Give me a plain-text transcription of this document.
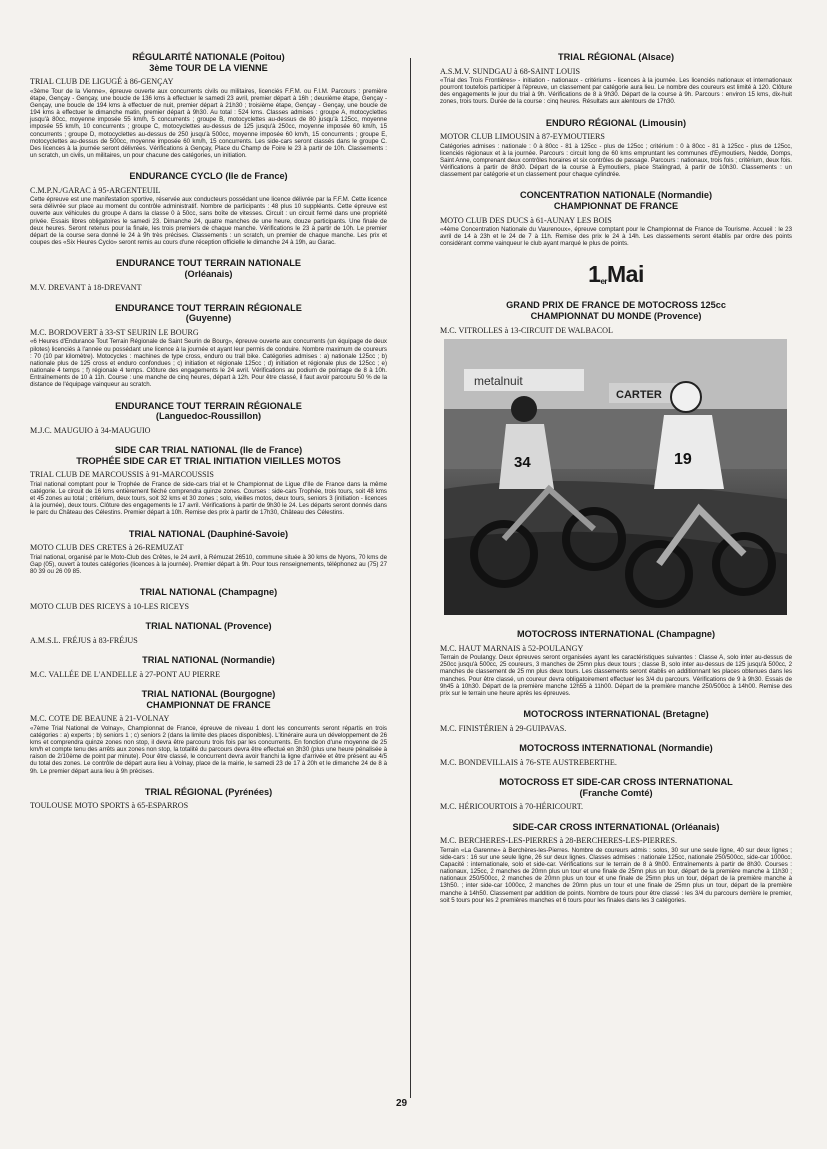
RÉGULARITÉ NATIONALE (Poitou)

3ème TOUR DE LA VIENNE

TRIAL CLUB DE LIGUGÉ à 86-GENÇAY

«3ème Tour de la Vienne», épreuve ouverte aux concurrents civils ou militaires, licenciés F.F.M. ou F.I.M. Parcours : première étape, Gençay - Gençay, une boucle de 136 kms à effectuer le samedi 23 avril, premier départ à 16h ; deuxième étape, Gençay - Gençay, une boucle de 194 kms à effectuer de nuit, premier départ à 21h30 ; troisième étape, Gençay - Gençay, une boucle de 194 kms à effectuer le dimanche matin, premier départ à 9h30. Au total : 524 kms. Classes admises : groupe A, motocyclettes jusqu'à 80cc, moyenne imposée 55 km/h, 5 concurrents ; groupe B, motocyclettes au-dessus de 80 jusqu'à 125cc, moyenne imposée 55 km/h, 10 concurrents ; groupe C, motocyclettes au-dessus de 125 jusqu'à 250cc, moyenne imposée 60 km/h, 15 concurrents ; groupe D, motocyclettes au-dessus de 250 jusqu'à 500cc, moyenne imposée 60 km/h, 15 concurrents ; groupe E, motocyclettes au-dessus de 500cc, moyenne imposée 60 km/h, 15 concurrents. Les side-cars seront classés dans le groupe C. Des licences à la journée seront délivrées. Vérifications à Gençay, Place du Champ de Foire le 23 à partir de 10h. Classements : un scratch, un civils, un militaires, un pour chacune des catégories, un initiation.

ENDURANCE CYCLO (Ile de France)

C.M.P.N./GARAC à 95-ARGENTEUIL

Cette épreuve est une manifestation sportive, réservée aux conducteurs possédant une licence délivrée par la F.F.M. Cette licence sera délivrée sur place au moment du contrôle administratif. Nombre de participants : 48 plus 10 suppléants. Cette épreuve est ouverte aux véhicules du groupe A dans la classe 0 à 50cc, sans boîte de vitesses. Circuit : un circuit fermé dans une propriété privée. Essais libres obligatoires le samedi 23. Dimanche 24, quatre manches de une heure, douze participants. Une finale de deux heures. Seront retenus pour la finale, les trois premiers de chaque manche. Vérifications le 23 à partir de 10h. Le premier départ de la course sera donné le 24 à 9h très précises. Classements : un scratch, un premier de chaque manche. Les prix et coupes des «Six Heures Cyclo» seront remis au cours d'une réception officielle le dimanche 24 à 19h, au Garac.

ENDURANCE TOUT TERRAIN NATIONALE

(Orléanais)

M.V. DREVANT à 18-DREVANT

ENDURANCE TOUT TERRAIN RÉGIONALE

(Guyenne)

M.C. BORDOVERT à 33-ST SEURIN LE BOURG

«6 Heures d'Endurance Tout Terrain Régionale de Saint Seurin de Bourg», épreuve ouverte aux concurrents (un équipage de deux pilotes) licenciés à l'année ou possédant une licence à la journée et ayant leur permis de conduire. Nombre maximum de coureurs : 70 (10 par kilomètre). Motocycles : machines de type cross, enduro ou trail bike. Catégories admises : a) nationale 125cc ; b) nationale plus de 125 cross et enduro confondues ; c) initiation et régionale 125cc ; d) initiation et régionale plus de 125cc ; e) nationale 4 temps ; f) régionale 4 temps. Clôture des engagements le 24 avril. Vérifications au podium de pointage de 8 à 10h. Entraînements de 10 à 11h. Course : une manche de cinq heures, départ à 12h. Pour être classé, il faut avoir parcouru 50 % de la distance de l'équipage vainqueur au scratch.

ENDURANCE TOUT TERRAIN RÉGIONALE

(Languedoc-Roussillon)

M.J.C. MAUGUIO à 34-MAUGUIO

SIDE CAR TRIAL NATIONAL (Ile de France)

TROPHÉE SIDE CAR ET TRIAL INITIATION VIEILLES MOTOS

TRIAL CLUB DE MARCOUSSIS à 91-MARCOUSSIS

Trial national comptant pour le Trophée de France de side-cars trial et le Championnat de Ligue d'Ile de France dans la même catégorie. Le circuit de 16 kms entièrement fléché comprendra quinze zones. Courses : side-cars Trophée, trois tours, soit 48 kms et 45 zones au total ; critérium, deux tours, soit 32 kms et 30 zones ; solo, vieilles motos, deux tours, seniors 3 (initiation - licences à la journée), deux tours. Clôture des engagements le 17 avril. Vérifications à partir de 9h30 le 24. Les départs seront donnés dans le parc du Château des Célestins. Premier départ à 10h. Remise des prix à partir de 17h30, Château des Célestins.

TRIAL NATIONAL (Dauphiné-Savoie)

MOTO CLUB DES CRETES à 26-REMUZAT

Trial national, organisé par le Moto-Club des Crêtes, le 24 avril, à Rémuzat 26510, commune située à 30 kms de Nyons, 70 kms de Gap (05), ouvert à toutes catégories (licences à la journée). Premier départ à 9h. Pour tous renseignements, téléphonez au (75) 27 80 39 ou 26 09 85.

TRIAL NATIONAL (Champagne)

MOTO CLUB DES RICEYS à 10-LES RICEYS

TRIAL NATIONAL (Provence)

A.M.S.L. FRÉJUS à 83-FRÉJUS

TRIAL NATIONAL (Normandie)

M.C. VALLÉE DE L'ANDELLE à 27-PONT AU PIERRE

TRIAL NATIONAL (Bourgogne)

CHAMPIONNAT DE FRANCE

M.C. COTE DE BEAUNE à 21-VOLNAY

«7ème Trial National de Volnay», Championnat de France, épreuve de niveau 1 dont les concurrents seront répartis en trois catégories : a) experts ; b) seniors 1 ; c) seniors 2 (dans la limite des places disponibles). L'itinéraire aura un développement de 26 kms et comprendra quinze zones non stop, il devra être parcouru trois fois par les concurrents. En fonction d'une moyenne de 25 km/h et compte tenu des arrêts aux zones non stop, la totalité du parcours devra être effectué en 3h30 (plus une heure pénalisée à raison de 2/10ème de point par minute). Pour être classé, le concurrent devra avoir franchi la ligne d'arrivée et être présent au 4/5 du total des zones. Le contrôle de départ aura lieu à Volnay, place de la mairie, le samedi 23 de 17 à 20h et le dimanche 24 de 8 à 9h. Le premier départ aura lieu à 9h précises.

TRIAL RÉGIONAL (Pyrénées)

TOULOUSE MOTO SPORTS à 65-ESPARROS

TRIAL RÉGIONAL (Alsace)

A.S.M.V. SUNDGAU à 68-SAINT LOUIS

«Trial des Trois Frontières» - initiation - nationaux - critériums - licences à la journée. Les licenciés nationaux et internationaux pourront toutefois participer à l'épreuve, un classement par catégorie aura lieu. Le nombre des coureurs est limité à 120. Clôture des engagements le jour du trial à 9h. Vérifications de 8 à 9h30. Départ de la course à 9h. Parcours : environ 15 kms, dix-huit zones, trois tours. Durée de la course : cinq heures. Résultats aux alentours de 17h30.

ENDURO RÉGIONAL (Limousin)

MOTOR CLUB LIMOUSIN à 87-EYMOUTIERS

Catégories admises : nationale : 0 à 80cc - 81 à 125cc - plus de 125cc ; critérium : 0 à 80cc - 81 à 125cc - plus de 125cc, licenciés régionaux et à la journée. Parcours : circuit long de 60 kms empruntant les communes d'Eymoutiers, Nedde, Domps, Saint Anne, comprenant deux contrôles horaires et six contrôles de passage. Parcours : nationaux, trois fois ; critérium, deux fois. Vérifications à partir de 8h30. Départ de la course à Eymoutiers, place Stalingrad, à partir de 10h30. Classements : un classement par catégorie et un classement pour chaque cylindrée.

CONCENTRATION NATIONALE (Normandie)

CHAMPIONNAT DE FRANCE

MOTO CLUB DES DUCS à 61-AUNAY LES BOIS

«4ème Concentration Nationale du Vaurenoux», épreuve comptant pour le Championnat de France de Tourisme. Accueil : le 23 avril de 14 à 23h et le 24 de 7 à 11h. Remise des prix le 24 à 14h. Les classements seront établis par ordre des points considérant comme vainqueur le club ayant marqué le plus de points.

$1_{er}Mai$

GRAND PRIX DE FRANCE DE MOTOCROSS 125cc

CHAMPIONNAT DU MONDE (Provence)

M.C. VITROLLES à 13-CIRCUIT DE WALBACOL
metalnuit
CARTER
34	19

MOTOCROSS INTERNATIONAL (Champagne)

M.C. HAUT MARNAIS à 52-POULANGY

Terrain de Poulangy. Deux épreuves seront organisées ayant les caractéristiques suivantes : Classe A, solo inter au-dessus de 250cc jusqu'à 500cc, 25 coureurs, 3 manches de 25mn plus deux tours ; classe B, solo inter au-dessus de 125 jusqu'à 500cc, 2 manches de classement de 25 mn plus deux tours. Les classements seront établis en additionnant les places obtenues dans les manches. Pour être classé, un coureur devra obligatoirement effectuer les 3/4 du parcours. Vérifications de 9 à 9h30. Essais de 9h45 à 10h30. Départ de la première manche 12h55 à 11h00. Départ de la première manche 250/500cc à 14h00. Remise des prix sur le terrain une heure après les épreuves.

MOTOCROSS INTERNATIONAL (Bretagne)

M.C. FINISTÉRIEN à 29-GUIPAVAS.

MOTOCROSS INTERNATIONAL (Normandie)

M.C. BONDEVILLAIS à 76-STE AUSTREBERTHE.

MOTOCROSS ET SIDE-CAR CROSS INTERNATIONAL

(Franche Comté)

M.C. HÉRICOURTOIS à 70-HÉRICOURT.

SIDE-CAR CROSS INTERNATIONAL (Orléanais)

M.C. BERCHERES-LES-PIERRES à 28-BERCHERES-LES-PIERRES.

Terrain «La Garenne» à Berchères-les-Pierres. Nombre de coureurs admis : solos, 30 sur une seule ligne, 40 sur deux lignes ; side-cars : 16 sur une seule ligne, 26 sur deux lignes. Classes admises : nationale 125cc, nationale 250/500cc, side-car 1000cc. Capacité : internationale, solo et side-car. Vérifications sur le terrain de 8 à 9h00. Entraînements à partir de 8h30. Courses : nationaux, 125cc, 2 manches de 20mn plus un tour et une finale de 25mn plus un tour, départ de la première manche à 11h30 ; nationaux 250/500cc, 2 manches de 20mn plus un tour et une finale de 25mn plus un tour, départ de la première manche à 13h50. ; inter side-car 1000cc, 2 manches de 20mn plus un tour et une finale de 25mn plus un tour, départ de la première manche à 14h50. Classement par addition de points. Nombre de tours pour être classé : les 3/4 du parcours derrière le premier, soit 5 tours pour les 2 premières manches et 6 tours pour les finales dans les 3 catégories.

29
